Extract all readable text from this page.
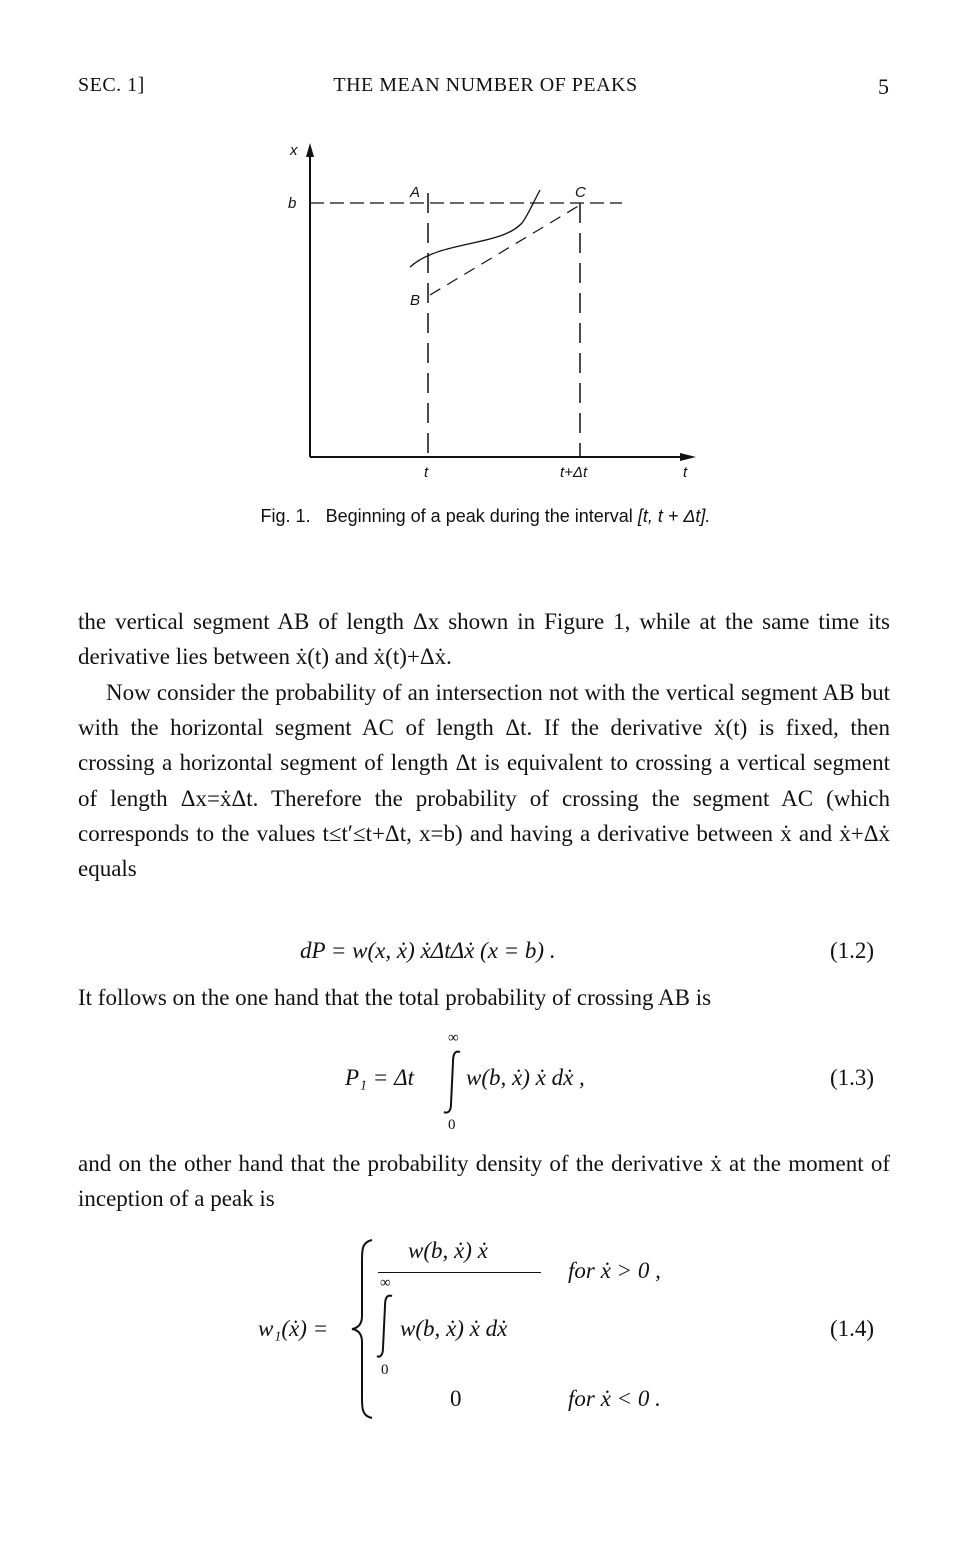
SEC. 1]	THE MEAN NUMBER OF PEAKS	5
x
b
A
B
C
t	t+Δt	t
Fig. 1. Beginning of a peak during the interval [t, t + Δt].

the vertical segment AB of length Δx shown in Figure 1, while at the same time its derivative lies between ẋ(t) and ẋ(t)+Δẋ.

Now consider the probability of an intersection not with the vertical segment AB but with the horizontal segment AC of length Δt. If the derivative ẋ(t) is fixed, then crossing a horizontal segment of length Δt is equivalent to crossing a vertical segment of length Δx=ẋΔt. Therefore the probability of crossing the segment AC (which corresponds to the values t≤t′≤t+Δt, x=b) and having a derivative between ẋ and ẋ+Δẋ equals

dP = w(x, ẋ) ẋΔtΔẋ (x = b) .	(1.2)
It follows on the one hand that the total probability of crossing AB is
P₁ = Δt
∞
0
w(b, ẋ) ẋ dẋ ,	(1.3)

and on the other hand that the probability density of the derivative ẋ at the moment of inception of a peak is

w₁(ẋ) =
w(b, ẋ) ẋ
∞
0
w(b, ẋ) ẋ dẋ
for ẋ > 0 ,
0	for ẋ < 0 .
(1.4)
